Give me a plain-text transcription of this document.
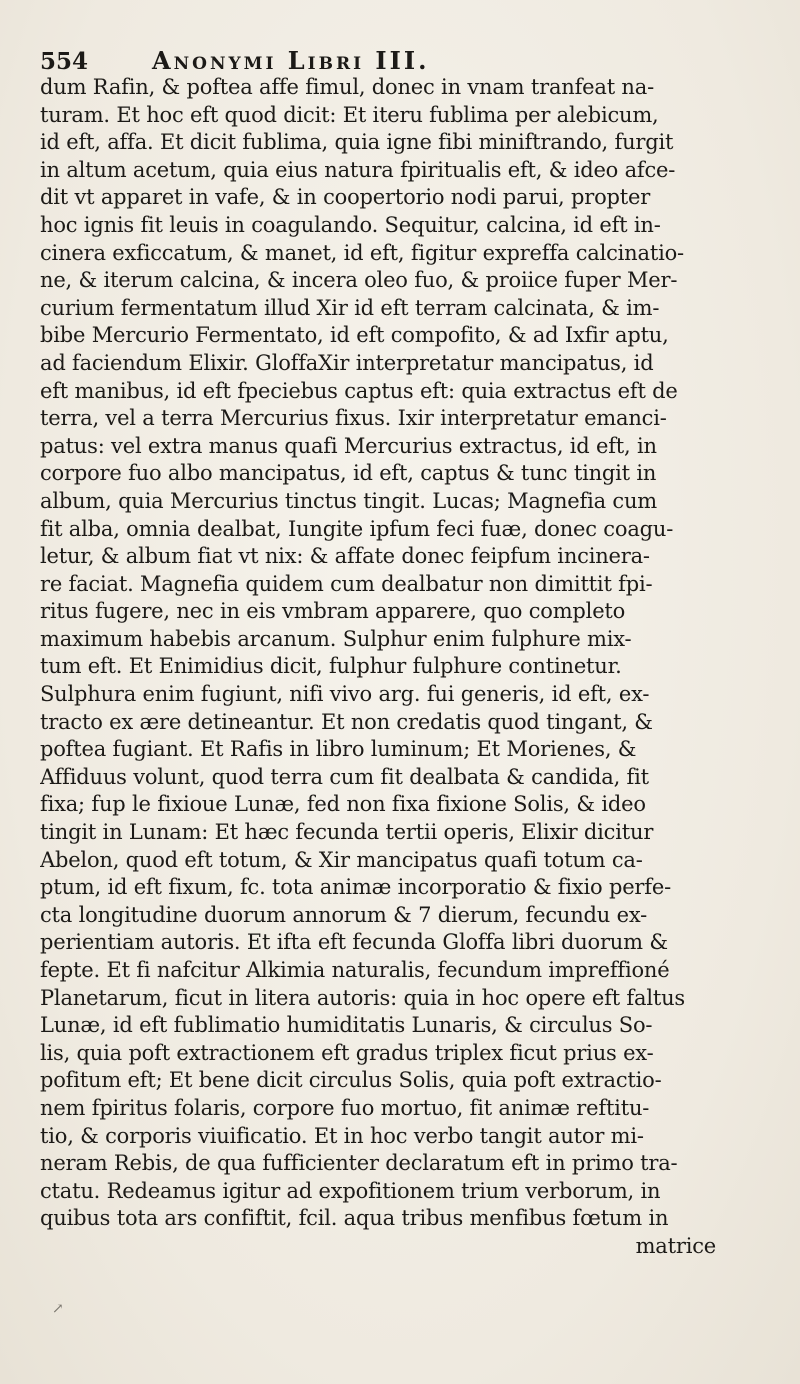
554	Anonymi Libri III.
dum Rafin, & poftea affe fimul, donec in vnam tranfeat na-
turam. Et hoc eft quod dicit: Et iteru fublima per alebicum,
id eft, affa. Et dicit fublima, quia igne fibi miniftrando, furgit
in altum acetum, quia eius natura fpiritualis eft, & ideo afce-
dit vt apparet in vafe, & in coopertorio nodi parui, propter
hoc ignis fit leuis in coagulando. Sequitur, calcina, id eft in-
cinera exficcatum, & manet, id eft, figitur expreffa calcinatio-
ne, & iterum calcina, & incera oleo fuo, & proiice fuper Mer-
curium fermentatum illud Xir id eft terram calcinata, & im-
bibe Mercurio Fermentato, id eft compofito, & ad Ixfir aptu,
ad faciendum Elixir. GloffaXir interpretatur mancipatus, id
eft manibus, id eft fpeciebus captus eft: quia extractus eft de
terra, vel a terra Mercurius fixus. Ixir interpretatur emanci-
patus: vel extra manus quafi Mercurius extractus, id eft, in
corpore fuo albo mancipatus, id eft, captus & tunc tingit in
album, quia Mercurius tinctus tingit. Lucas; Magnefia cum
fit alba, omnia dealbat, Iungite ipfum feci fuæ, donec coagu-
letur, & album fiat vt nix: & affate donec feipfum incinera-
re faciat. Magnefia quidem cum dealbatur non dimittit fpi-
ritus fugere, nec in eis vmbram apparere, quo completo
maximum habebis arcanum. Sulphur enim fulphure mix-
tum eft. Et Enimidius dicit, fulphur fulphure continetur.
Sulphura enim fugiunt, nifi vivo arg. fui generis, id eft, ex-
tracto ex ære detineantur. Et non credatis quod tingant, &
poftea fugiant. Et Rafis in libro luminum; Et Morienes, &
Affiduus volunt, quod terra cum fit dealbata & candida, fit
fixa; fup le fixioue Lunæ, fed non fixa fixione Solis, & ideo
tingit in Lunam: Et hæc fecunda tertii operis, Elixir dicitur
Abelon, quod eft totum, & Xir mancipatus quafi totum ca-
ptum, id eft fixum, fc. tota animæ incorporatio & fixio perfe-
cta longitudine duorum annorum & 7 dierum, fecundu ex-
perientiam autoris. Et ifta eft fecunda Gloffa libri duorum &
fepte. Et fi nafcitur Alkimia naturalis, fecundum impreffioné
Planetarum, ficut in litera autoris: quia in hoc opere eft faltus
Lunæ, id eft fublimatio humiditatis Lunaris, & circulus So-
lis, quia poft extractionem eft gradus triplex ficut prius ex-
pofitum eft; Et bene dicit circulus Solis, quia poft extractio-
nem fpiritus folaris, corpore fuo mortuo, fit animæ reftitu-
tio, & corporis viuificatio. Et in hoc verbo tangit autor mi-
neram Rebis, de qua fufficienter declaratum eft in primo tra-
ctatu. Redeamus igitur ad expofitionem trium verborum, in
quibus tota ars confiftit, fcil. aqua tribus menfibus fœtum in
matrice
↗
